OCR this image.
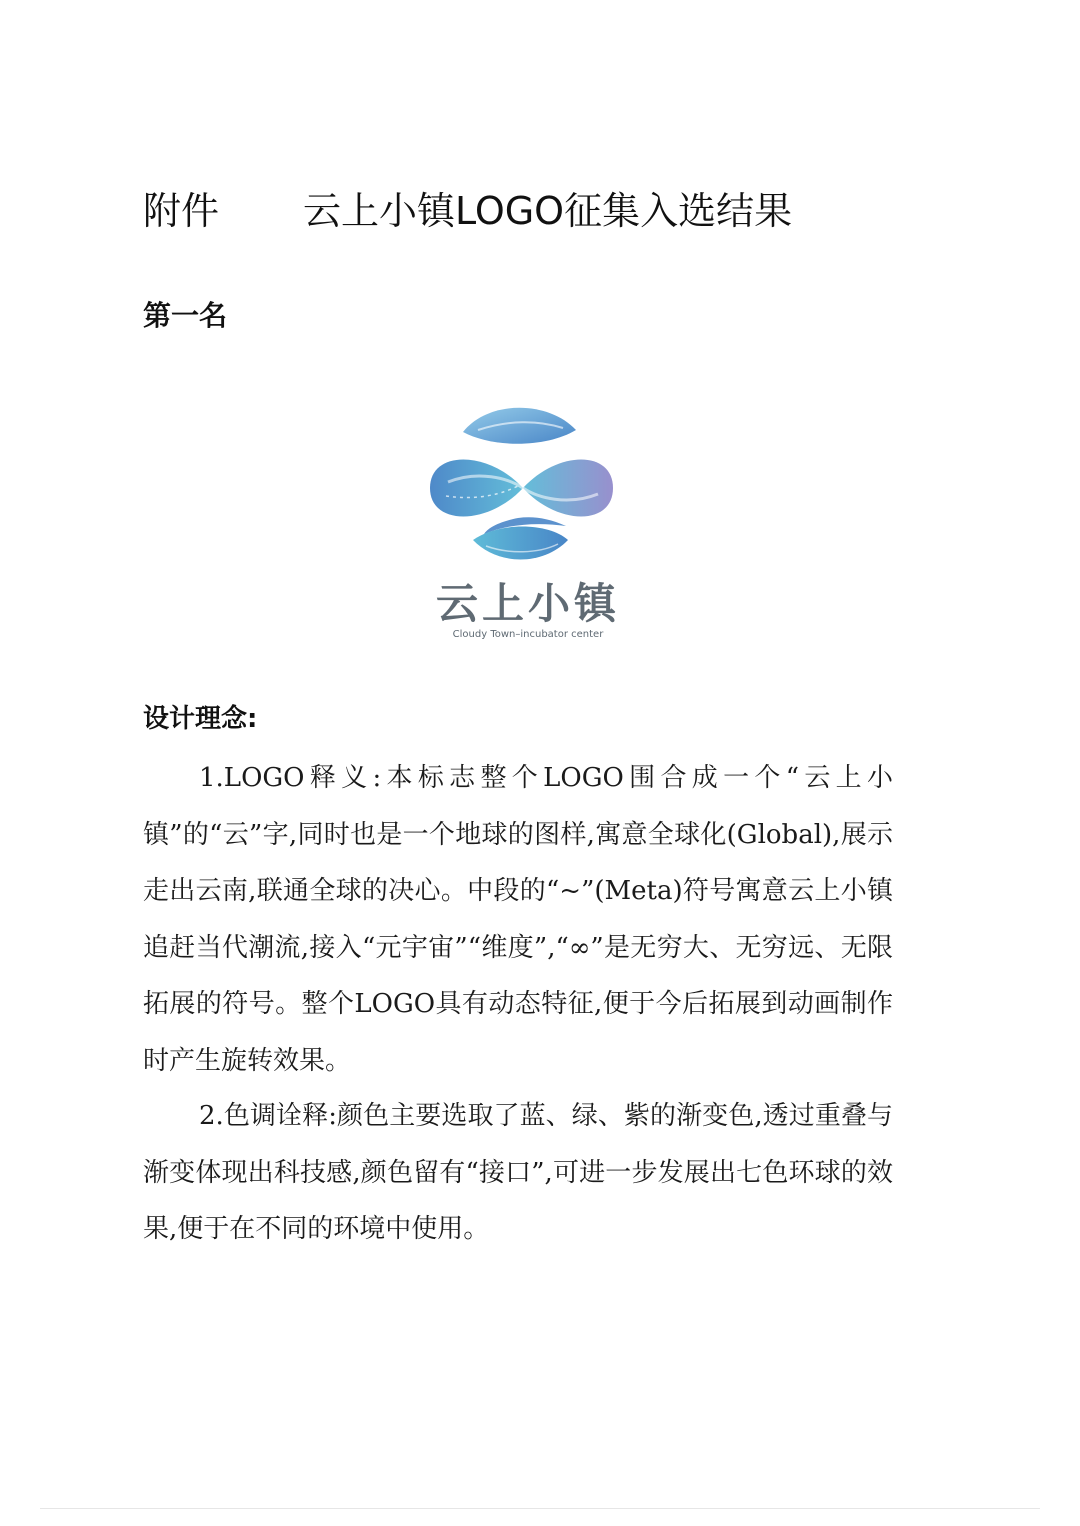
附件 云上小镇LOGO征集入选结果
第一名
云上小镇
Cloudy Town–incubator center
设计理念:

1.LOGO释义:本标志整个LOGO围合成一个“云上小镇”的“云”字,同时也是一个地球的图样,寓意全球化(Global),展示走出云南,联通全球的决心。中段的“~”(Meta)符号寓意云上小镇追赶当代潮流,接入“元宇宙”“维度”,“∞”是无穷大、无穷远、无限拓展的符号。整个LOGO具有动态特征,便于今后拓展到动画制作时产生旋转效果。

2.色调诠释:颜色主要选取了蓝、绿、紫的渐变色,透过重叠与渐变体现出科技感,颜色留有“接口”,可进一步发展出七色环球的效果,便于在不同的环境中使用。
